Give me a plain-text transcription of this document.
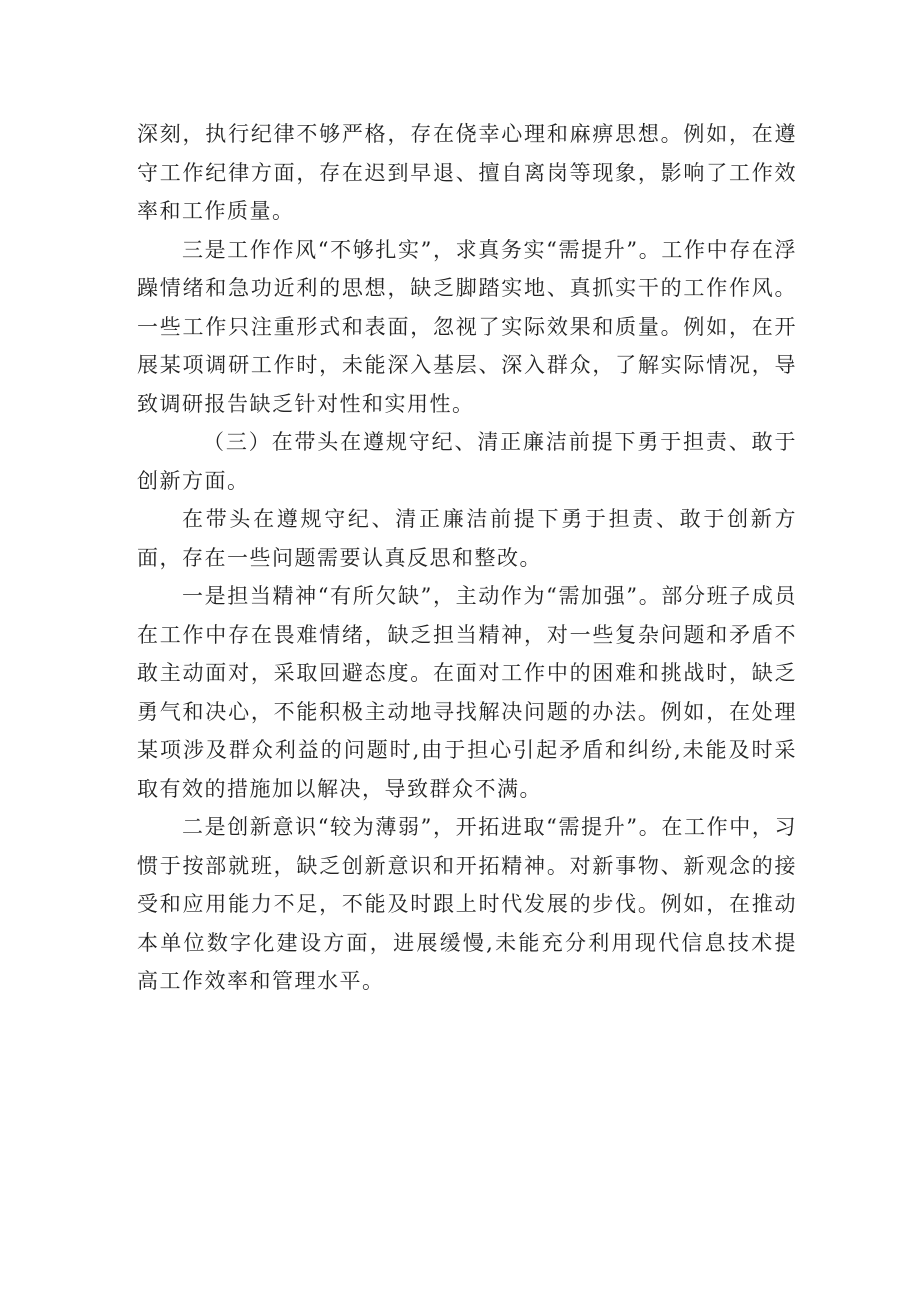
深刻，执行纪律不够严格，存在侥幸心理和麻痹思想。例如，在遵守工作纪律方面，存在迟到早退、擅自离岗等现象，影响了工作效率和工作质量。

三是工作作风“不够扎实”，求真务实“需提升”。工作中存在浮躁情绪和急功近利的思想，缺乏脚踏实地、真抓实干的工作作风。一些工作只注重形式和表面，忽视了实际效果和质量。例如，在开展某项调研工作时，未能深入基层、深入群众，了解实际情况，导致调研报告缺乏针对性和实用性。

（三）在带头在遵规守纪、清正廉洁前提下勇于担责、敢于创新方面。

在带头在遵规守纪、清正廉洁前提下勇于担责、敢于创新方面，存在一些问题需要认真反思和整改。

一是担当精神“有所欠缺”，主动作为“需加强”。部分班子成员在工作中存在畏难情绪，缺乏担当精神，对一些复杂问题和矛盾不敢主动面对，采取回避态度。在面对工作中的困难和挑战时，缺乏勇气和决心，不能积极主动地寻找解决问题的办法。例如，在处理某项涉及群众利益的问题时,由于担心引起矛盾和纠纷,未能及时采取有效的措施加以解决，导致群众不满。

二是创新意识“较为薄弱”，开拓进取“需提升”。在工作中，习惯于按部就班，缺乏创新意识和开拓精神。对新事物、新观念的接受和应用能力不足，不能及时跟上时代发展的步伐。例如，在推动本单位数字化建设方面，进展缓慢,未能充分利用现代信息技术提高工作效率和管理水平。
